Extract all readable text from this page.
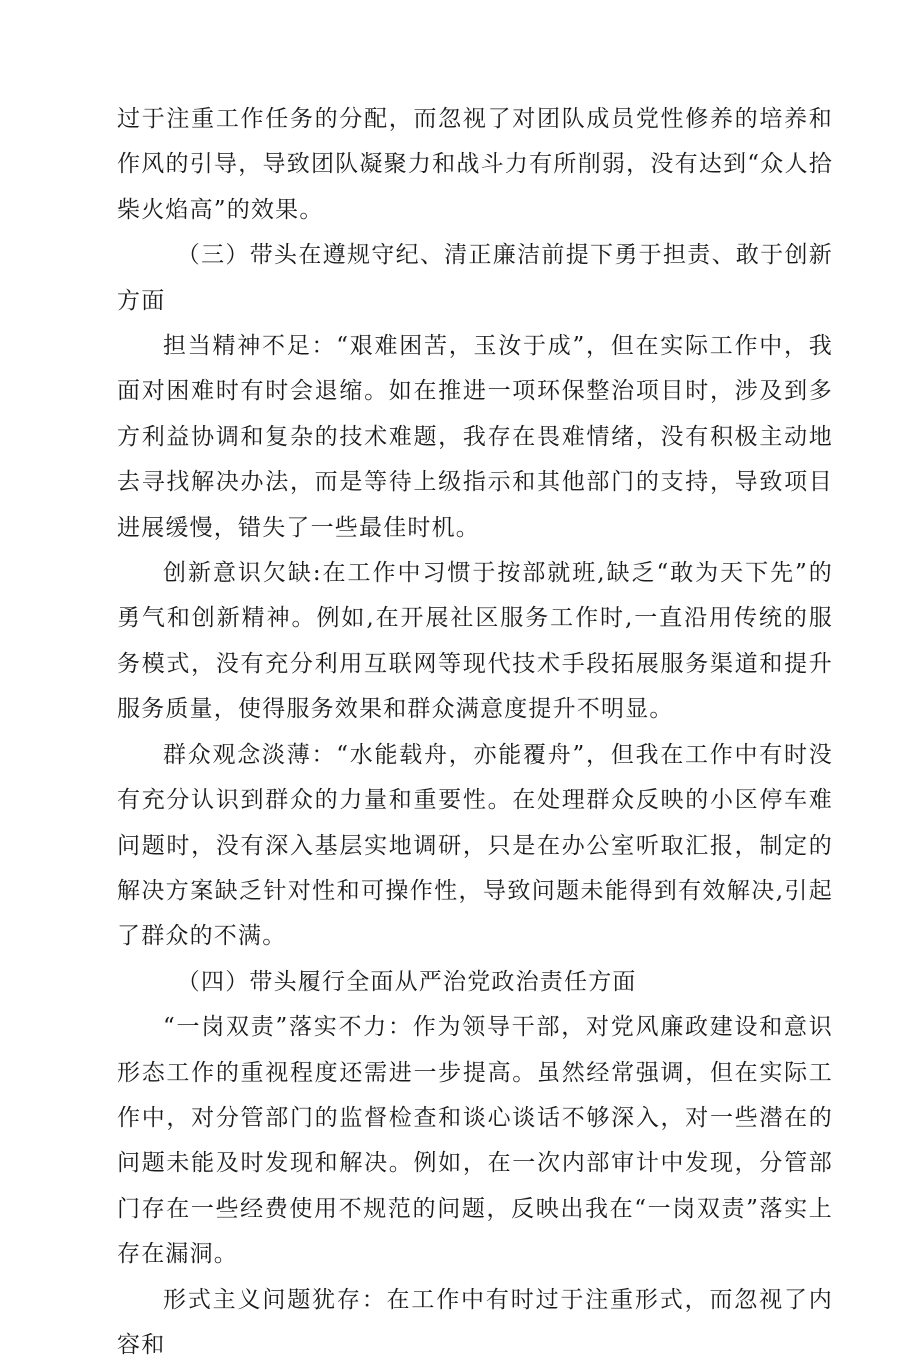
过于注重工作任务的分配，而忽视了对团队成员党性修养的培养和作风的引导，导致团队凝聚力和战斗力有所削弱，没有达到“众人拾柴火焰高”的效果。

（三）带头在遵规守纪、清正廉洁前提下勇于担责、敢于创新方面

担当精神不足：“艰难困苦，玉汝于成”，但在实际工作中，我面对困难时有时会退缩。如在推进一项环保整治项目时，涉及到多方利益协调和复杂的技术难题，我存在畏难情绪，没有积极主动地去寻找解决办法，而是等待上级指示和其他部门的支持，导致项目进展缓慢，错失了一些最佳时机。

创新意识欠缺:在工作中习惯于按部就班,缺乏“敢为天下先”的勇气和创新精神。例如,在开展社区服务工作时,一直沿用传统的服务模式，没有充分利用互联网等现代技术手段拓展服务渠道和提升服务质量，使得服务效果和群众满意度提升不明显。

群众观念淡薄：“水能载舟，亦能覆舟”，但我在工作中有时没有充分认识到群众的力量和重要性。在处理群众反映的小区停车难问题时，没有深入基层实地调研，只是在办公室听取汇报，制定的解决方案缺乏针对性和可操作性，导致问题未能得到有效解决,引起了群众的不满。

（四）带头履行全面从严治党政治责任方面

“一岗双责”落实不力：作为领导干部，对党风廉政建设和意识形态工作的重视程度还需进一步提高。虽然经常强调，但在实际工作中，对分管部门的监督检查和谈心谈话不够深入，对一些潜在的问题未能及时发现和解决。例如，在一次内部审计中发现，分管部门存在一些经费使用不规范的问题，反映出我在“一岗双责”落实上存在漏洞。

形式主义问题犹存：在工作中有时过于注重形式，而忽视了内容和
